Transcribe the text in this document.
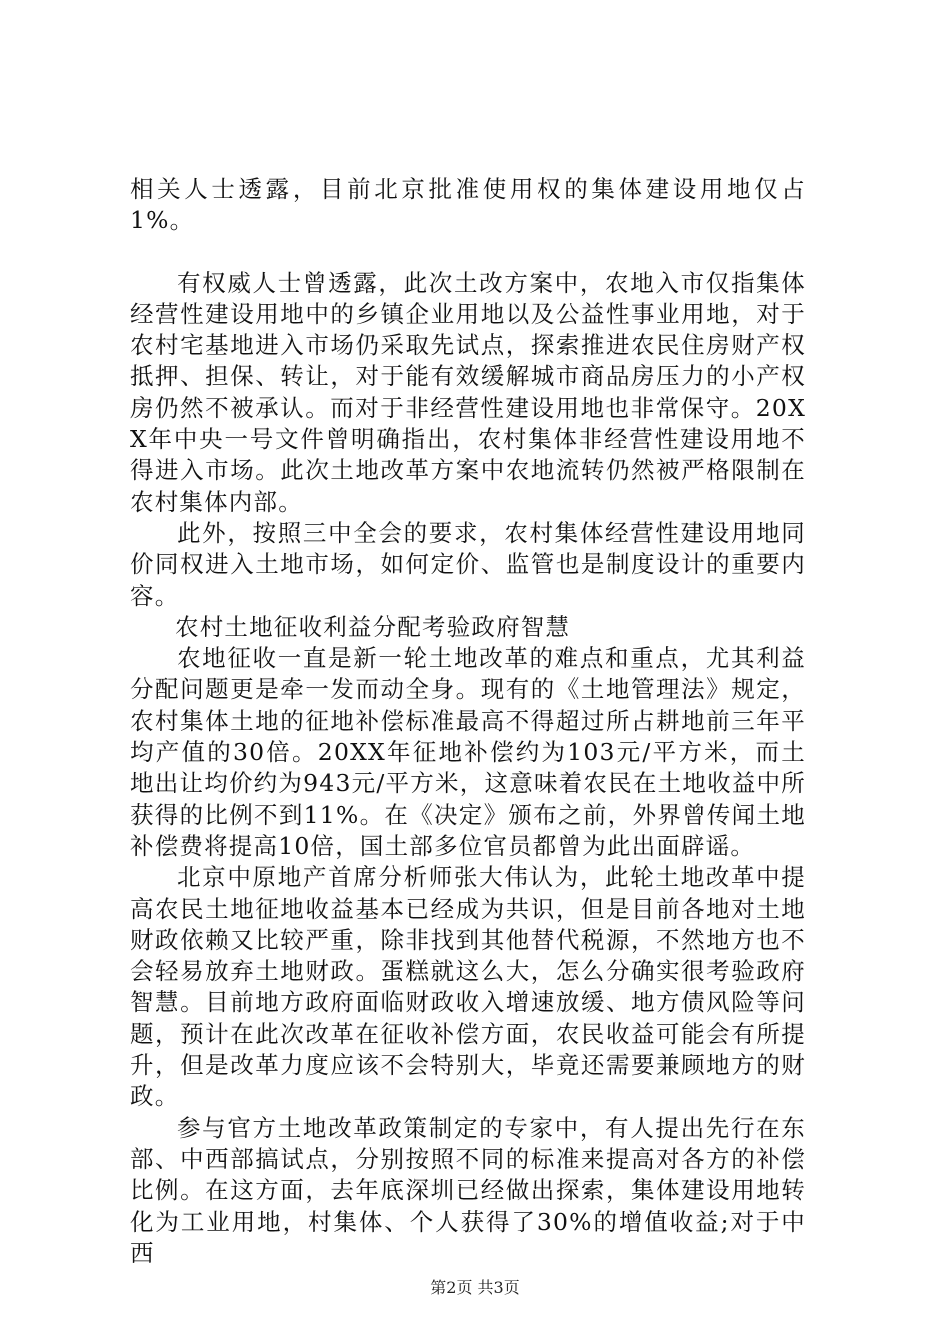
相关人士透露，目前北京批准使用权的集体建设用地仅占1%。

有权威人士曾透露，此次土改方案中，农地入市仅指集体经营性建设用地中的乡镇企业用地以及公益性事业用地，对于农村宅基地进入市场仍采取先试点，探索推进农民住房财产权抵押、担保、转让，对于能有效缓解城市商品房压力的小产权房仍然不被承认。而对于非经营性建设用地也非常保守。20XX年中央一号文件曾明确指出，农村集体非经营性建设用地不得进入市场。此次土地改革方案中农地流转仍然被严格限制在农村集体内部。

此外，按照三中全会的要求，农村集体经营性建设用地同价同权进入土地市场，如何定价、监管也是制度设计的重要内容。

农村土地征收利益分配考验政府智慧

农地征收一直是新一轮土地改革的难点和重点，尤其利益分配问题更是牵一发而动全身。现有的《土地管理法》规定，农村集体土地的征地补偿标准最高不得超过所占耕地前三年平均产值的30倍。20XX年征地补偿约为103元/平方米，而土地出让均价约为943元/平方米，这意味着农民在土地收益中所获得的比例不到11%。在《决定》颁布之前，外界曾传闻土地补偿费将提高10倍，国土部多位官员都曾为此出面辟谣。

北京中原地产首席分析师张大伟认为，此轮土地改革中提高农民土地征地收益基本已经成为共识，但是目前各地对土地财政依赖又比较严重，除非找到其他替代税源，不然地方也不会轻易放弃土地财政。蛋糕就这么大，怎么分确实很考验政府智慧。目前地方政府面临财政收入增速放缓、地方债风险等问题，预计在此次改革在征收补偿方面，农民收益可能会有所提升，但是改革力度应该不会特别大，毕竟还需要兼顾地方的财政。

参与官方土地改革政策制定的专家中，有人提出先行在东部、中西部搞试点，分别按照不同的标准来提高对各方的补偿比例。在这方面，去年底深圳已经做出探索，集体建设用地转化为工业用地，村集体、个人获得了30%的增值收益;对于中西

第2页 共3页
